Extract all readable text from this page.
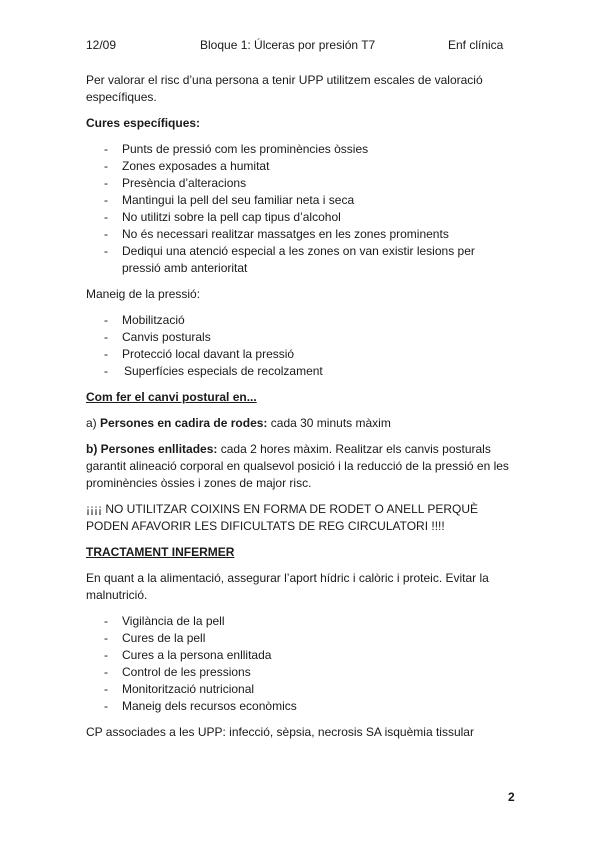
12/09	Bloque 1: Úlceras por presión T7	Enf clínica

Per valorar el risc d’una persona a tenir UPP utilitzem escales de valoració específiques.

Cures específiques:

- Punts de pressió com les prominències òssies
- Zones exposades a humitat
- Presència d’alteracions
- Mantingui la pell del seu familiar neta i seca
- No utilitzi sobre la pell cap tipus d’alcohol
- No és necessari realitzar massatges en les zones prominents
- Dediqui una atenció especial a les zones on van existir lesions per pressió amb anterioritat

Maneig de la pressió:

- Mobilització
- Canvis posturals
- Protecció local davant la pressió
- Superfícies especials de recolzament

Com fer el canvi postural en...

a) Persones en cadira de rodes: cada 30 minuts màxim

b) Persones enllitades: cada 2 hores màxim. Realitzar els canvis posturals garantit alineació corporal en qualsevol posició i la reducció de la pressió en les prominències òssies i zones de major risc.

¡¡¡¡ NO UTILITZAR COIXINS EN FORMA DE RODET O ANELL PERQUÈ PODEN AFAVORIR LES DIFICULTATS DE REG CIRCULATORI !!!!

TRACTAMENT INFERMER

En quant a la alimentació, assegurar l’aport hídric i calòric i proteic. Evitar la malnutrició.

- Vigilància de la pell
- Cures de la pell
- Cures a la persona enllitada
- Control de les pressions
- Monitorització nutricional
- Maneig dels recursos econòmics

CP associades a les UPP: infecció, sèpsia, necrosis SA isquèmia tissular

2
